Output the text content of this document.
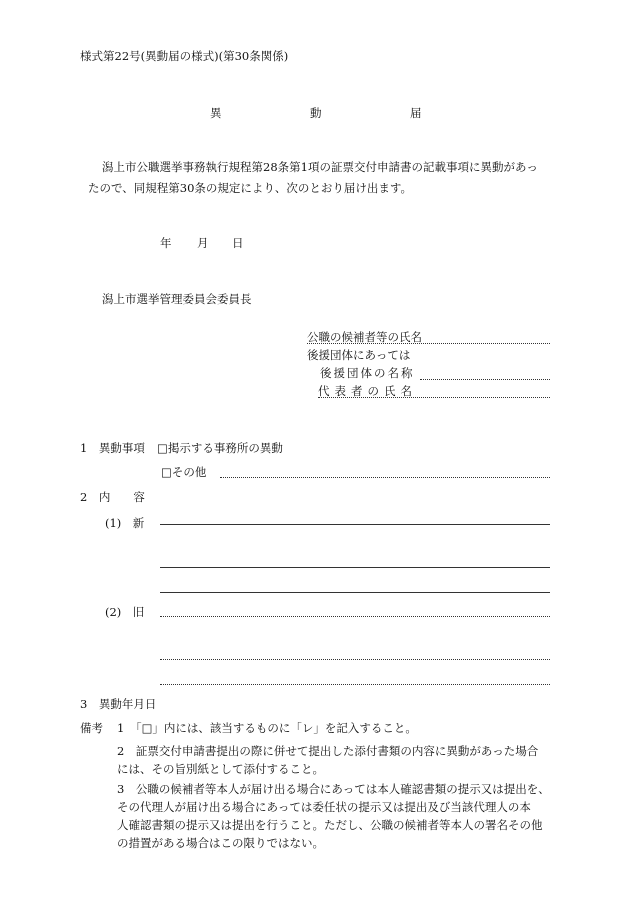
様式第22号(異動届の様式)(第30条関係)
異	動	届
潟上市公職選挙事務執行規程第28条第1項の証票交付申請書の記載事項に異動があっ
たので、同規程第30条の規定により、次のとおり届け出ます。
年 月 日
潟上市選挙管理委員会委員長
公職の候補者等の氏名
後援団体にあっては
後援団体の名称
代表者の氏名
1　異動事項 □掲示する事務所の異動
□その他
2　内　　容
(1)　新
(2)　旧
3　異動年月日
備考 1　「□」内には、該当するものに「レ」を記入すること。
2　証票交付申請書提出の際に併せて提出した添付書類の内容に異動があった場合
には、その旨別紙として添付すること。
3　公職の候補者等本人が届け出る場合にあっては本人確認書類の提示又は提出を、
その代理人が届け出る場合にあっては委任状の提示又は提出及び当該代理人の本
人確認書類の提示又は提出を行うこと。ただし、公職の候補者等本人の署名その他
の措置がある場合はこの限りではない。
